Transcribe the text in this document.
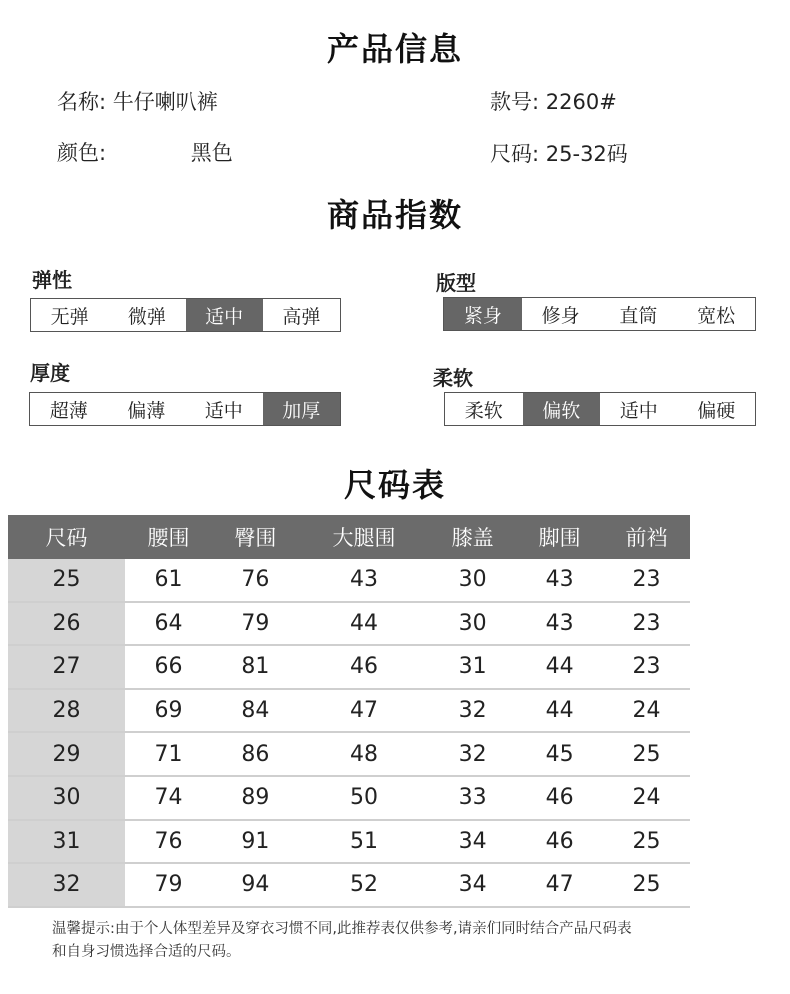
产品信息
名称: 牛仔喇叭裤	款号: 2260#
颜色:	黑色	尺码: 25-32码
商品指数
弹性
无弹	微弹	适中	高弹
版型
紧身	修身	直筒	宽松
厚度
超薄	偏薄	适中	加厚
柔软
柔软	偏软	适中	偏硬
尺码表
尺码	腰围	臀围	大腿围	膝盖	脚围	前裆
25	61	76	43	30	43	23
26	64	79	44	30	43	23
27	66	81	46	31	44	23
28	69	84	47	32	44	24
29	71	86	48	32	45	25
30	74	89	50	33	46	24
31	76	91	51	34	46	25
32	79	94	52	34	47	25
温馨提示:由于个人体型差异及穿衣习惯不同,此推荐表仅供参考,请亲们同时结合产品尺码表
和自身习惯选择合适的尺码。
